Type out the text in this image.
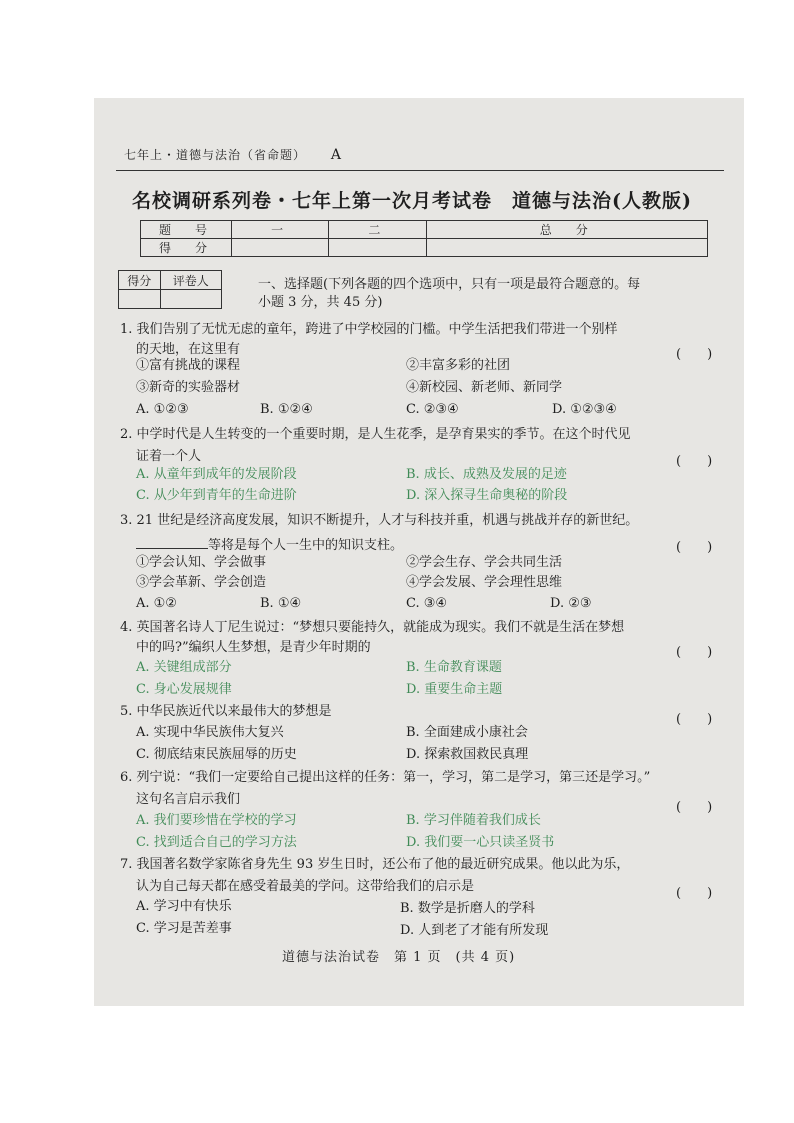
七年上・道德与法治（省命题） A
名校调研系列卷・七年上第一次月考试卷　道德与法治(人教版)
题　号	一	二	总　分
得　分			
得分	评卷人
		一、选择题(下列各题的四个选项中，只有一项是最符合题意的。每
小题 3 分，共 45 分)
1. 我们告别了无忧无虑的童年，跨进了中学校园的门槛。中学生活把我们带进一个别样
的天地，在这里有	(　　)
①富有挑战的课程	②丰富多彩的社团
③新奇的实验器材	④新校园、新老师、新同学
A. ①②③	B. ①②④	C. ②③④	D. ①②③④
2. 中学时代是人生转变的一个重要时期，是人生花季，是孕育果实的季节。在这个时代见
证着一个人	(　　)
A. 从童年到成年的发展阶段	B. 成长、成熟及发展的足迹
C. 从少年到青年的生命进阶	D. 深入探寻生命奥秘的阶段
3. 21 世纪是经济高度发展，知识不断提升，人才与科技并重，机遇与挑战并存的新世纪。
等将是每个人一生中的知识支柱。	(　　)
①学会认知、学会做事	②学会生存、学会共同生活
③学会革新、学会创造	④学会发展、学会理性思维
A. ①②	B. ①④	C. ③④	D. ②③
4. 英国著名诗人丁尼生说过：“梦想只要能持久，就能成为现实。我们不就是生活在梦想
中的吗?”编织人生梦想，是青少年时期的	(　　)
A. 关键组成部分	B. 生命教育课题
C. 身心发展规律	D. 重要生命主题
5. 中华民族近代以来最伟大的梦想是
(　　)
A. 实现中华民族伟大复兴	B. 全面建成小康社会
C. 彻底结束民族屈辱的历史	D. 探索救国救民真理
6. 列宁说：“我们一定要给自己提出这样的任务：第一，学习，第二是学习，第三还是学习。”
这句名言启示我们
(　　)
A. 我们要珍惜在学校的学习	B. 学习伴随着我们成长
C. 找到适合自己的学习方法	D. 我们要一心只读圣贤书
7. 我国著名数学家陈省身先生 93 岁生日时，还公布了他的最近研究成果。他以此为乐，
认为自己每天都在感受着最美的学问。这带给我们的启示是	(　　)
A. 学习中有快乐	B. 数学是折磨人的学科
C. 学习是苦差事	D. 人到老了才能有所发现
道德与法治试卷　第 1 页　(共 4 页)
